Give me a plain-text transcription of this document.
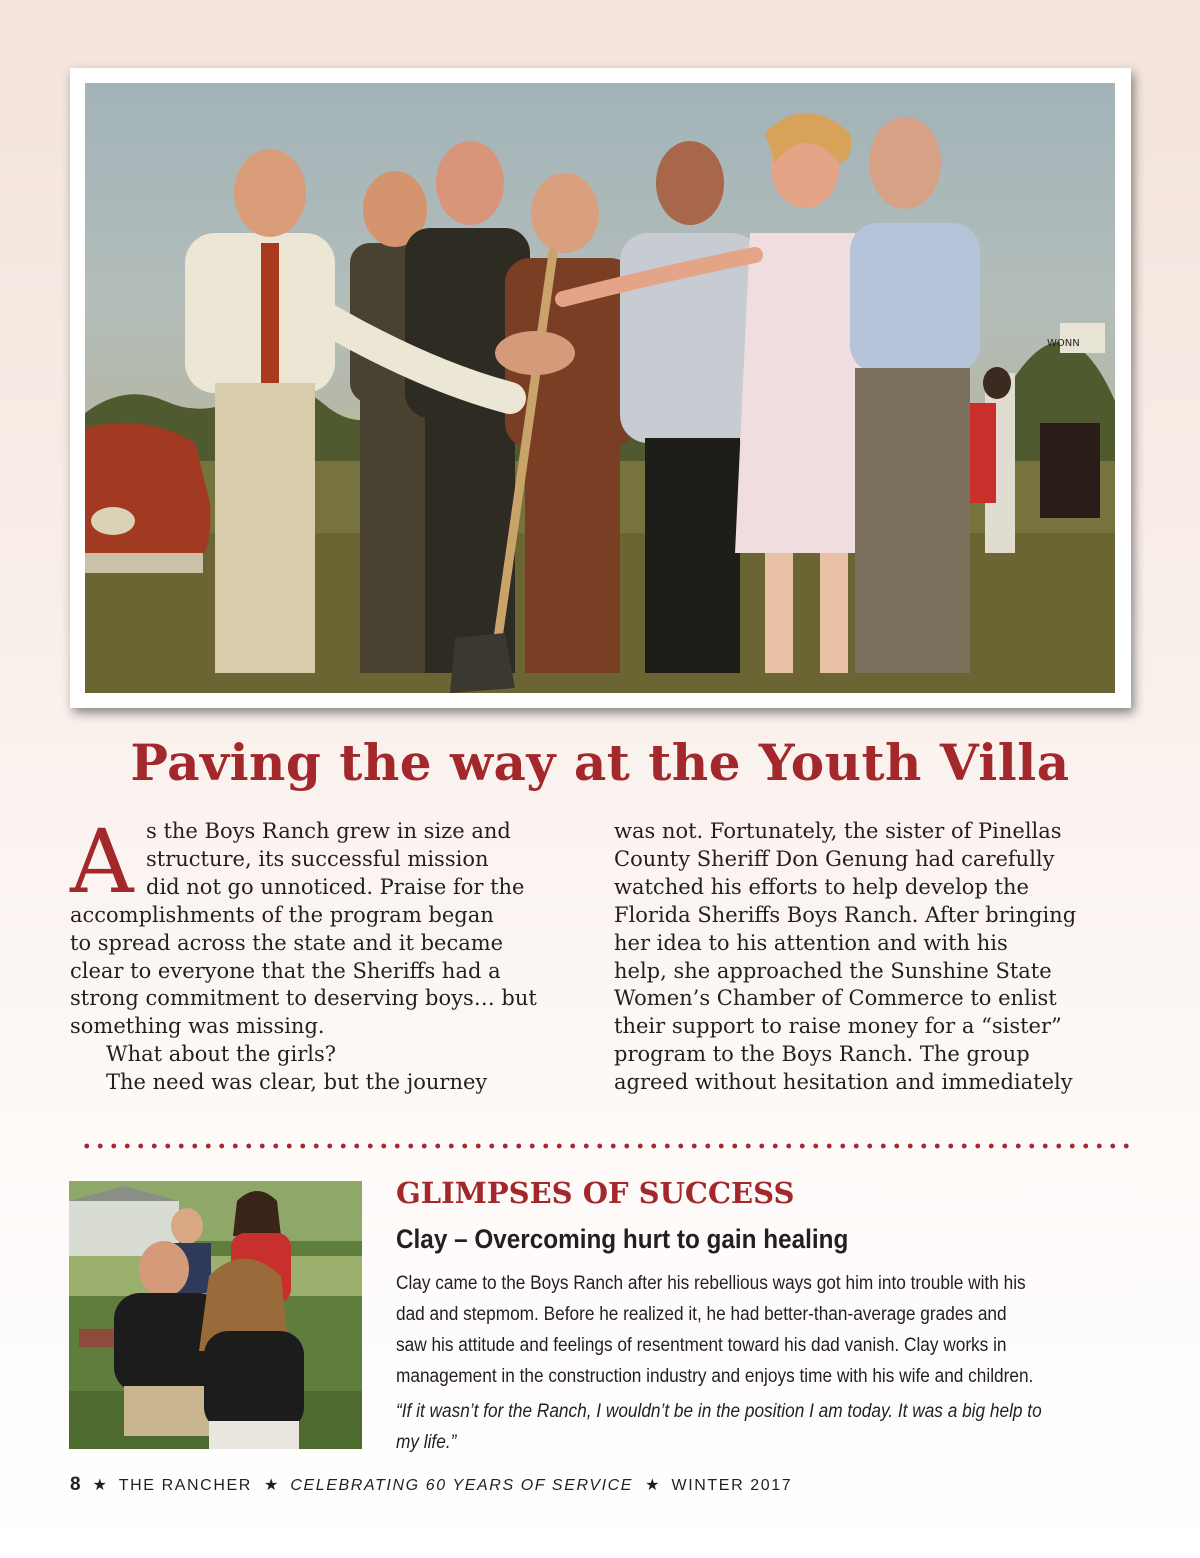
WONN
Paving the way at the Youth Villa
A s the Boys Ranch grew in size and
structure, its successful mission
did not go unnoticed. Praise for the
accomplishments of the program began
to spread across the state and it became
clear to everyone that the Sheriffs had a
strong commitment to deserving boys… but
something was missing.
What about the girls?
The need was clear, but the journey
was not. Fortunately, the sister of Pinellas
County Sheriff Don Genung had carefully
watched his efforts to help develop the
Florida Sheriffs Boys Ranch. After bringing
her idea to his attention and with his
help, she approached the Sunshine State
Women’s Chamber of Commerce to enlist
their support to raise money for a “sister”
program to the Boys Ranch. The group
agreed without hesitation and immediately
GLIMPSES OF SUCCESS
Clay – Overcoming hurt to gain healing
Clay came to the Boys Ranch after his rebellious ways got him into trouble with his
dad and stepmom. Before he realized it, he had better-than-average grades and
saw his attitude and feelings of resentment toward his dad vanish. Clay works in
management in the construction industry and enjoys time with his wife and children.
“If it wasn’t for the Ranch, I wouldn’t be in the position I am today. It was a big help to
my life.”
8 ★ THE RANCHER ★ CELEBRATING 60 YEARS OF SERVICE ★ WINTER 2017
